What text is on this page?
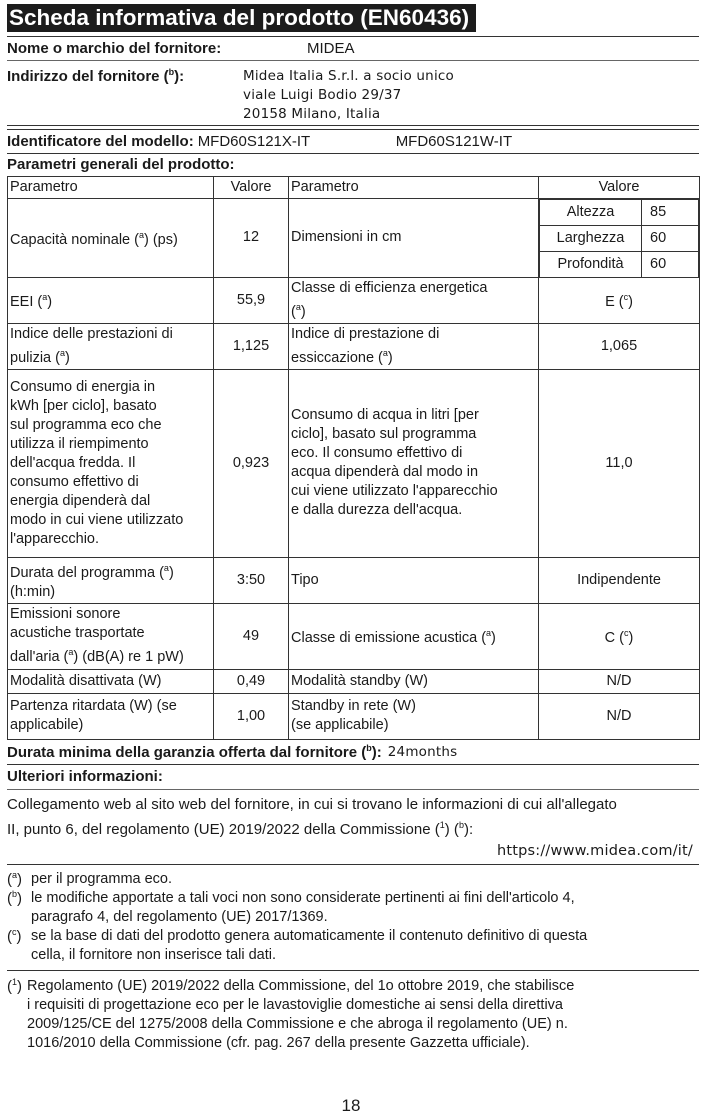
Scheda informativa del prodotto (EN60436)
Nome o marchio del fornitore:	MIDEA
Indirizzo del fornitore ($^b$):	Midea Italia S.r.l. a socio unico
viale Luigi Bodio 29/37
20158 Milano, Italia
Identificatore del modello: MFD60S121X-IT	MFD60S121W-IT
Parametri generali del prodotto:
Parametro	Valore	Parametro	Valore
Capacità nominale ($^a$) (ps)	12	Dimensioni in cm	
Altezza	85
Larghezza	60
Profondità	60

EEI ($^a$)	55,9	Classe di efficienza energetica
($^a$)	E ($^c$)
Indice delle prestazioni di
pulizia ($^a$)	1,125	Indice di prestazione di
essiccazione ($^a$)	1,065

Consumo di energia in
kWh [per ciclo], basato
sul programma eco che
utilizza il riempimento
dell'acqua fredda. Il
consumo effettivo di
energia dipenderà dal
modo in cui viene utilizzato
l'apparecchio.
	0,923	
Consumo di acqua in litri [per
ciclo], basato sul programma
eco. Il consumo effettivo di
acqua dipenderà dal modo in
cui viene utilizzato l'apparecchio
e dalla durezza dell'acqua.
	11,0
Durata del programma ($^a$)
(h:min)	3:50	Tipo	Indipendente

Emissioni sonore
acustiche trasportate
dall'aria ($^a$) (dB(A) re 1 pW)
	49	Classe di emissione acustica ($^a$)	C ($^c$)
Modalità disattivata (W)	0,49	Modalità standby (W)	N/D
Partenza ritardata (W) (se
applicabile)	1,00	Standby in rete (W)
(se applicabile)	N/D
Durata minima della garanzia offerta dal fornitore ($^b$): 24months
Ulteriori informazioni:
Collegamento web al sito web del fornitore, in cui si trovano le informazioni di cui all'allegato
II, punto 6, del regolamento (UE) 2019/2022 della Commissione ($^1$) ($^b$):
https://www.midea.com/it/
($^a$) per il programma eco.

($^b$) le modifiche apportate a tali voci non sono considerate pertinenti ai fini dell'articolo 4,

paragrafo 4, del regolamento (UE) 2017/1369.

($^c$) se la base di dati del prodotto genera automaticamente il contenuto definitivo di questa

cella, il fornitore non inserisce tali dati.

($^1$) Regolamento (UE) 2019/2022 della Commissione, del 1o ottobre 2019, che stabilisce

i requisiti di progettazione eco per le lavastoviglie domestiche ai sensi della direttiva

2009/125/CE del 1275/2008 della Commissione e che abroga il regolamento (UE) n.

1016/2010 della Commissione (cfr. pag. 267 della presente Gazzetta ufficiale).

18
